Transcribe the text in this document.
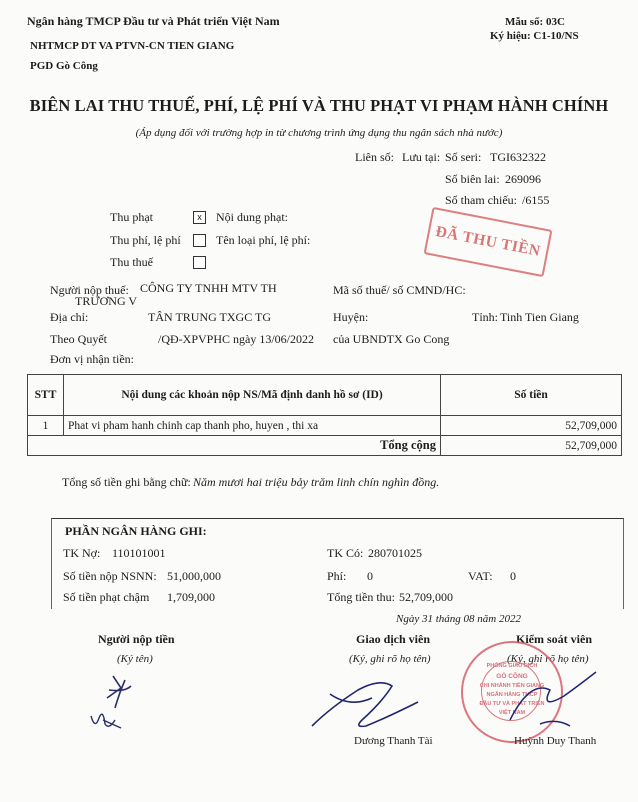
Ngân hàng TMCP Đầu tư và Phát triển Việt Nam	Mẫu số: 03C
Ký hiệu: C1-10/NS
NHTMCP DT VA PTVN-CN TIEN GIANG
PGD Gò Công
BIÊN LAI THU THUẾ, PHÍ, LỆ PHÍ VÀ THU PHẠT VI PHẠM HÀNH CHÍNH
(Áp dụng đối với trường hợp in từ chương trình ứng dụng thu ngân sách nhà nước)
Liên số: Lưu tại: Số seri: TGI632322
Số biên lai: 269096
Số tham chiếu: /6155
Thu phạt	x	Nội dung phạt:
Thu phí, lệ phí	Tên loại phí, lệ phí:
Thu thuế
ĐÃ THU TIỀN
Người nộp thuế: CÔNG TY TNHH MTV TH
TRƯƠNG V
Mã số thuế/ số CMND/HC:
Địa chỉ:	TÂN TRUNG TXGC TG	Huyện:	Tỉnh: Tinh Tien Giang
Theo Quyết	/QĐ-XPVPHC ngày 13/06/2022 của UBNDTX Go Cong
Đơn vị nhận tiền:
STT	Nội dung các khoản nộp NS/Mã định danh hồ sơ (ID)	Số tiền
1	Phat vi pham hanh chinh cap thanh pho, huyen , thi xa	52,709,000
Tổng cộng		52,709,000
Tổng số tiền ghi bằng chữ: Năm mươi hai triệu bảy trăm linh chín nghìn đồng.
PHẦN NGÂN HÀNG GHI:
TK Nợ: 110101001	TK Có: 280701025
Số tiền nộp NSNN: 51,000,000	Phí: 0	VAT: 0
Số tiền phạt chậm 1,709,000	Tổng tiền thu: 52,709,000
Ngày 31 tháng 08 năm 2022
Người nộp tiền
(Ký tên)
Giao dịch viên
(Ký, ghi rõ họ tên)
Kiểm soát viên
(Ký, ghi rõ họ tên)
Dương Thanh Tài
PHÒNG GIAO DỊCH
GÒ CÔNG
CHI NHÁNH TIỀN GIANG
NGÂN HÀNG TMCP
ĐẦU TƯ VÀ PHÁT TRIỂN
VIỆT NAM
Huỳnh Duy Thanh
